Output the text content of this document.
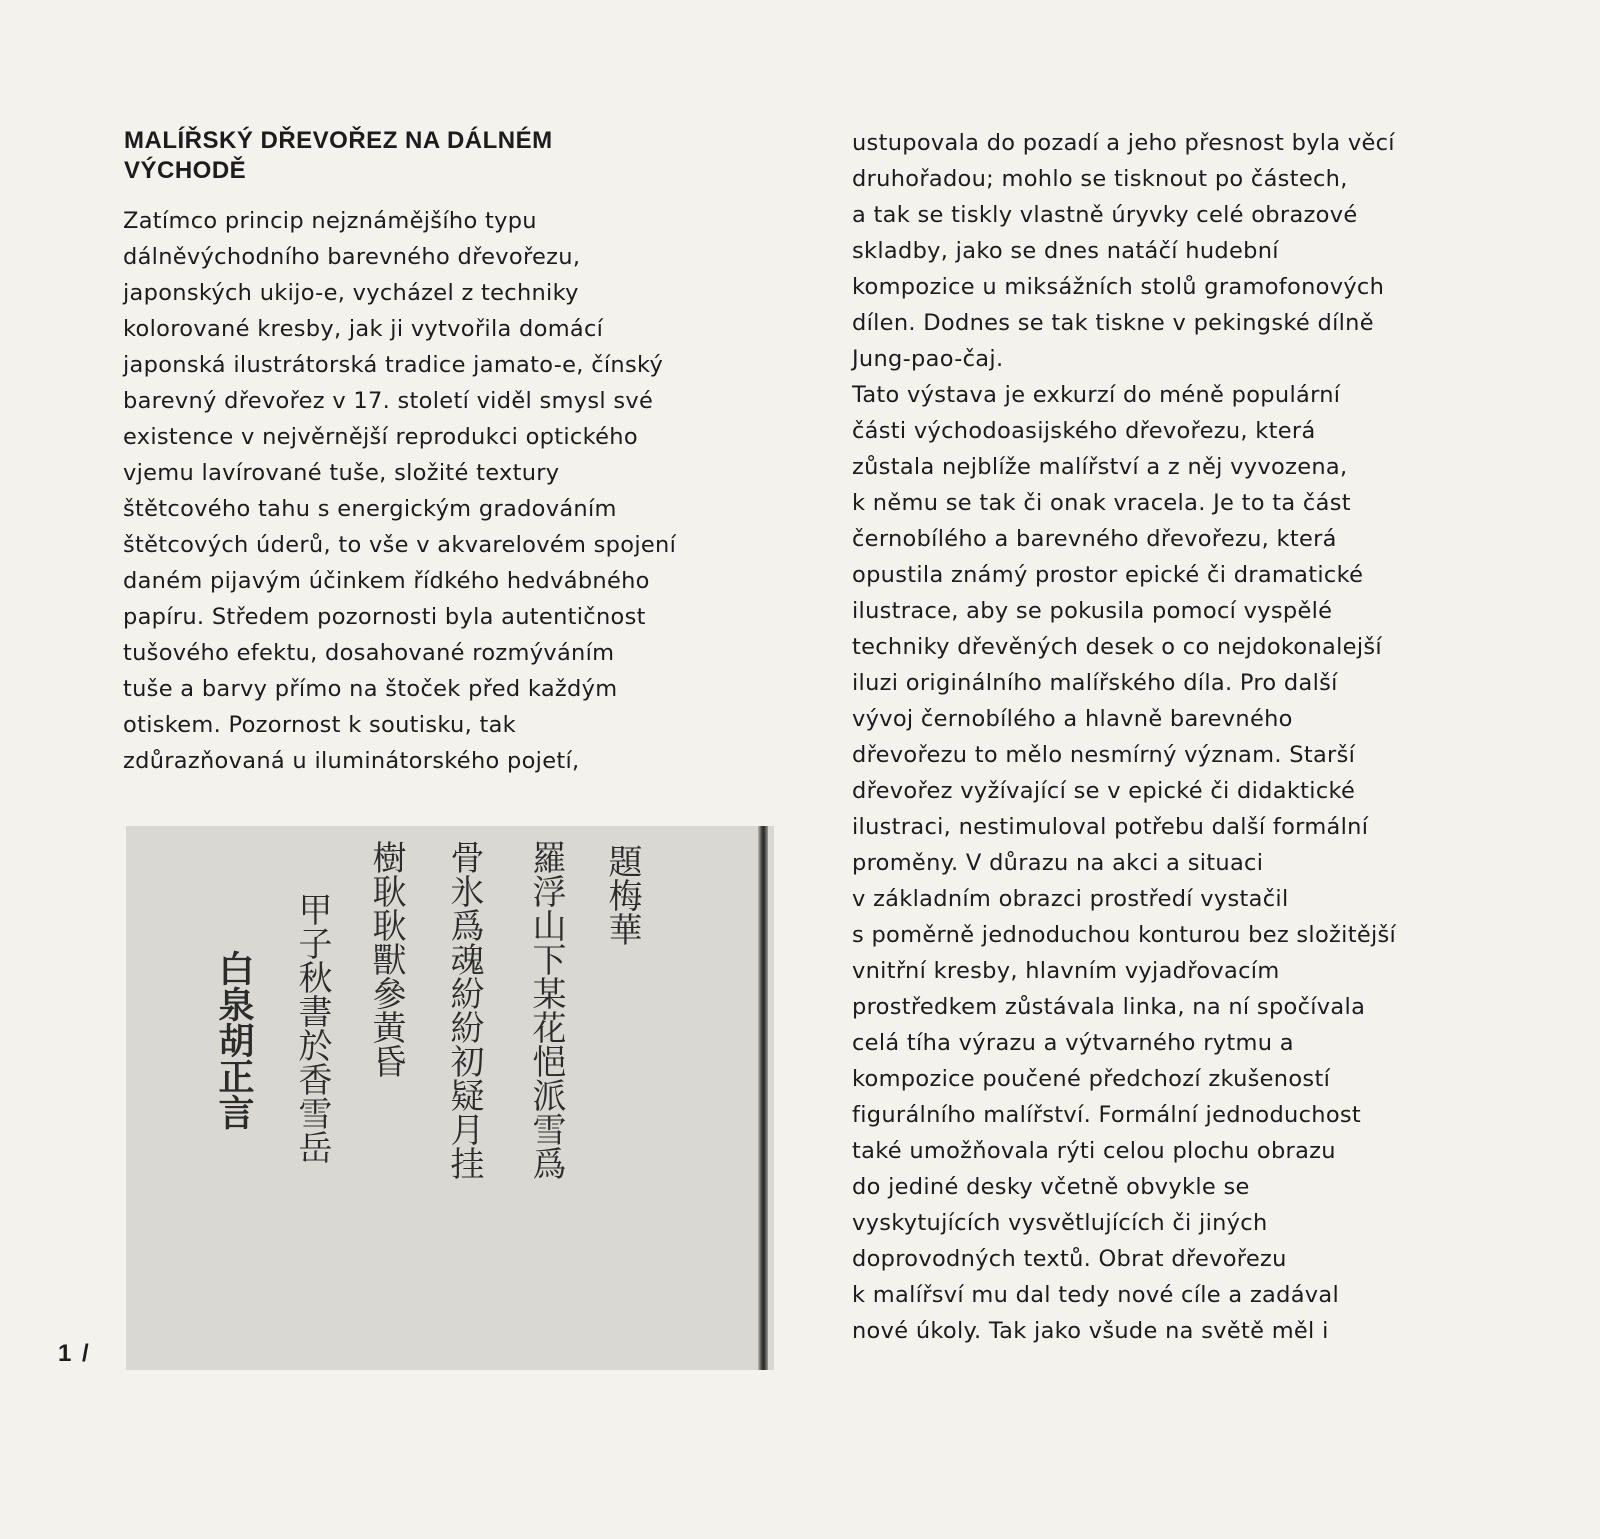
MALÍŘSKÝ DŘEVOŘEZ NA DÁLNÉM
VÝCHODĚ
Zatímco princip nejznámějšího typu
dálněvýchodního barevného dřevořezu,
japonských ukijo-e, vycházel z techniky
kolorované kresby, jak ji vytvořila domácí
japonská ilustrátorská tradice jamato-e, čínský
barevný dřevořez v 17. století viděl smysl své
existence v nejvěrnější reprodukci optického
vjemu lavírované tuše, složité textury
štětcového tahu s energickým gradováním
štětcových úderů, to vše v akvarelovém spojení
daném pijavým účinkem řídkého hedvábného
papíru. Středem pozornosti byla autentičnost
tušového efektu, dosahované rozmýváním
tuše a barvy přímo na štoček před každým
otiskem. Pozornost k soutisku, tak
zdůrazňovaná u iluminátorského pojetí,
ustupovala do pozadí a jeho přesnost byla věcí
druhořadou; mohlo se tisknout po částech,
a tak se tiskly vlastně úryvky celé obrazové
skladby, jako se dnes natáčí hudební
kompozice u miksážních stolů gramofonových
dílen. Dodnes se tak tiskne v pekingské dílně
Jung-pao-čaj.
Tato výstava je exkurzí do méně populární
části východoasijského dřevořezu, která
zůstala nejblíže malířství a z něj vyvozena,
k němu se tak či onak vracela. Je to ta část
černobílého a barevného dřevořezu, která
opustila známý prostor epické či dramatické
ilustrace, aby se pokusila pomocí vyspělé
techniky dřevěných desek o co nejdokonalejší
iluzi originálního malířského díla. Pro další
vývoj černobílého a hlavně barevného
dřevořezu to mělo nesmírný význam. Starší
dřevořez vyžívající se v epické či didaktické
ilustraci, nestimuloval potřebu další formální
proměny. V důrazu na akci a situaci
v základním obrazci prostředí vystačil
s poměrně jednoduchou konturou bez složitější
vnitřní kresby, hlavním vyjadřovacím
prostředkem zůstávala linka, na ní spočívala
celá tíha výrazu a výtvarného rytmu a
kompozice poučené předchozí zkušeností
figurálního malířství. Formální jednoduchost
také umožňovala rýti celou plochu obrazu
do jediné desky včetně obvykle se
vyskytujících vysvětlujících či jiných
doprovodných textů. Obrat dřevořezu
k malířsví mu dal tedy nové cíle a zadával
nové úkoly. Tak jako všude na světě měl i
題梅華
羅浮山下某花悒派雪爲
骨氷爲魂紛紛初疑月挂
樹耿耿獸參黃昏
甲子秋書於香雪岳
白泉胡正言
1 /
